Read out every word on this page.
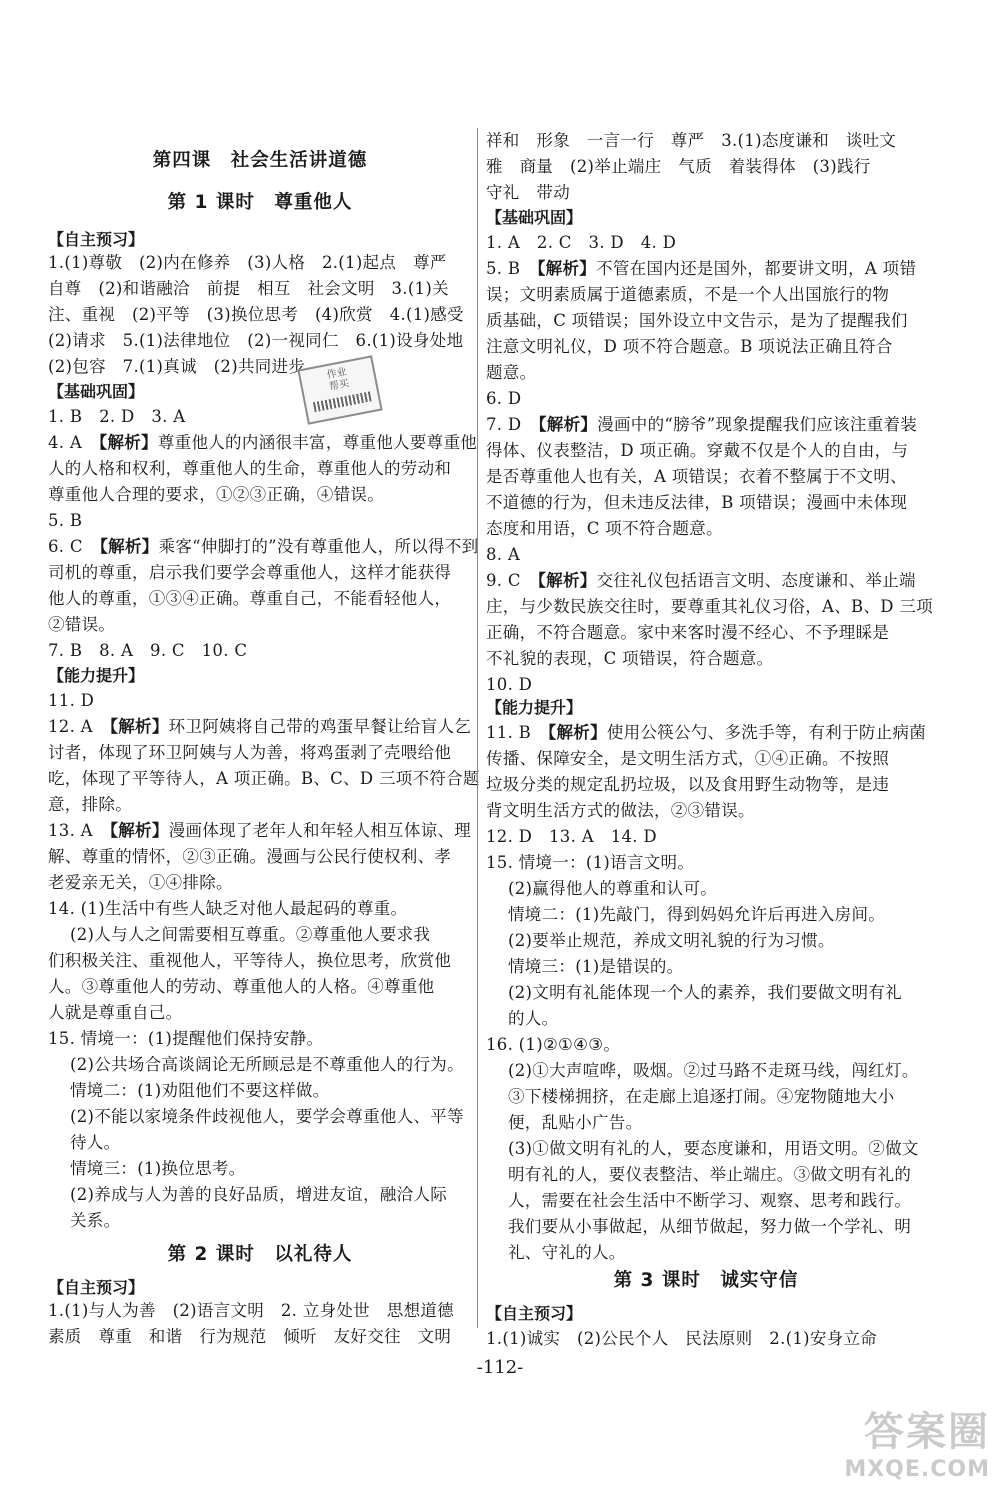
第四课　社会生活讲道德
第 1 课时　尊重他人
【自主预习】
1.(1)尊敬　(2)内在修养　(3)人格　2.(1)起点　尊严
自尊　(2)和谐融洽　前提　相互　社会文明　3.(1)关
注、重视　(2)平等　(3)换位思考　(4)欣赏　4.(1)感受
(2)请求　5.(1)法律地位　(2)一视同仁　6.(1)设身处地
(2)包容　7.(1)真诚　(2)共同进步
【基础巩固】
1. B　2. D　3. A
4. A　【解析】尊重他人的内涵很丰富，尊重他人要尊重他
人的人格和权利，尊重他人的生命，尊重他人的劳动和
尊重他人合理的要求，①②③正确，④错误。
5. B
6. C　【解析】乘客“伸脚打的”没有尊重他人，所以得不到
司机的尊重，启示我们要学会尊重他人，这样才能获得
他人的尊重，①③④正确。尊重自己，不能看轻他人，
②错误。
7. B　8. A　9. C　10. C
【能力提升】
11. D
12. A　【解析】环卫阿姨将自己带的鸡蛋早餐让给盲人乞
讨者，体现了环卫阿姨与人为善，将鸡蛋剥了壳喂给他
吃，体现了平等待人，A 项正确。B、C、D 三项不符合题
意，排除。
13. A　【解析】漫画体现了老年人和年轻人相互体谅、理
解、尊重的情怀，②③正确。漫画与公民行使权利、孝
老爱亲无关，①④排除。
14. (1)生活中有些人缺乏对他人最起码的尊重。
(2)人与人之间需要相互尊重。②尊重他人要求我
们积极关注、重视他人，平等待人，换位思考，欣赏他
人。③尊重他人的劳动、尊重他人的人格。④尊重他
人就是尊重自己。
15. 情境一：(1)提醒他们保持安静。
(2)公共场合高谈阔论无所顾忌是不尊重他人的行为。
情境二：(1)劝阻他们不要这样做。
(2)不能以家境条件歧视他人，要学会尊重他人、平等
待人。
情境三：(1)换位思考。
(2)养成与人为善的良好品质，增进友谊，融洽人际
关系。
第 2 课时　以礼待人
【自主预习】
1.(1)与人为善　(2)语言文明　2. 立身处世　思想道德
素质　尊重　和谐　行为规范　倾听　友好交往　文明
祥和　形象　一言一行　尊严　3.(1)态度谦和　谈吐文
雅　商量　(2)举止端庄　气质　着装得体　(3)践行
守礼　带动
【基础巩固】
1. A　2. C　3. D　4. D
5. B　【解析】不管在国内还是国外，都要讲文明，A 项错
误；文明素质属于道德素质，不是一个人出国旅行的物
质基础，C 项错误；国外设立中文告示，是为了提醒我们
注意文明礼仪，D 项不符合题意。B 项说法正确且符合
题意。
6. D
7. D　【解析】漫画中的“膀爷”现象提醒我们应该注重着装
得体、仪表整洁，D 项正确。穿戴不仅是个人的自由，与
是否尊重他人也有关，A 项错误；衣着不整属于不文明、
不道德的行为，但未违反法律，B 项错误；漫画中未体现
态度和用语，C 项不符合题意。
8. A
9. C　【解析】交往礼仪包括语言文明、态度谦和、举止端
庄，与少数民族交往时，要尊重其礼仪习俗，A、B、D 三项
正确，不符合题意。家中来客时漫不经心、不予理睬是
不礼貌的表现，C 项错误，符合题意。
10. D
【能力提升】
11. B　【解析】使用公筷公勺、多洗手等，有利于防止病菌
传播、保障安全，是文明生活方式，①④正确。不按照
垃圾分类的规定乱扔垃圾，以及食用野生动物等，是违
背文明生活方式的做法，②③错误。
12. D　13. A　14. D
15. 情境一：(1)语言文明。
(2)赢得他人的尊重和认可。
情境二：(1)先敲门，得到妈妈允许后再进入房间。
(2)要举止规范，养成文明礼貌的行为习惯。
情境三：(1)是错误的。
(2)文明有礼能体现一个人的素养，我们要做文明有礼
的人。
16. (1)②①④③。
(2)①大声喧哗，吸烟。②过马路不走斑马线，闯红灯。
③下楼梯拥挤，在走廊上追逐打闹。④宠物随地大小
便，乱贴小广告。
(3)①做文明有礼的人，要态度谦和，用语文明。②做文
明有礼的人，要仪表整洁、举止端庄。③做文明有礼的
人，需要在社会生活中不断学习、观察、思考和践行。
我们要从小事做起，从细节做起，努力做一个学礼、明
礼、守礼的人。
第 3 课时　诚实守信
【自主预习】
1.(1)诚实　(2)公民个人　民法原则　2.(1)安身立命
作业
帮买
-112-
答案圈
MXQE.COM
